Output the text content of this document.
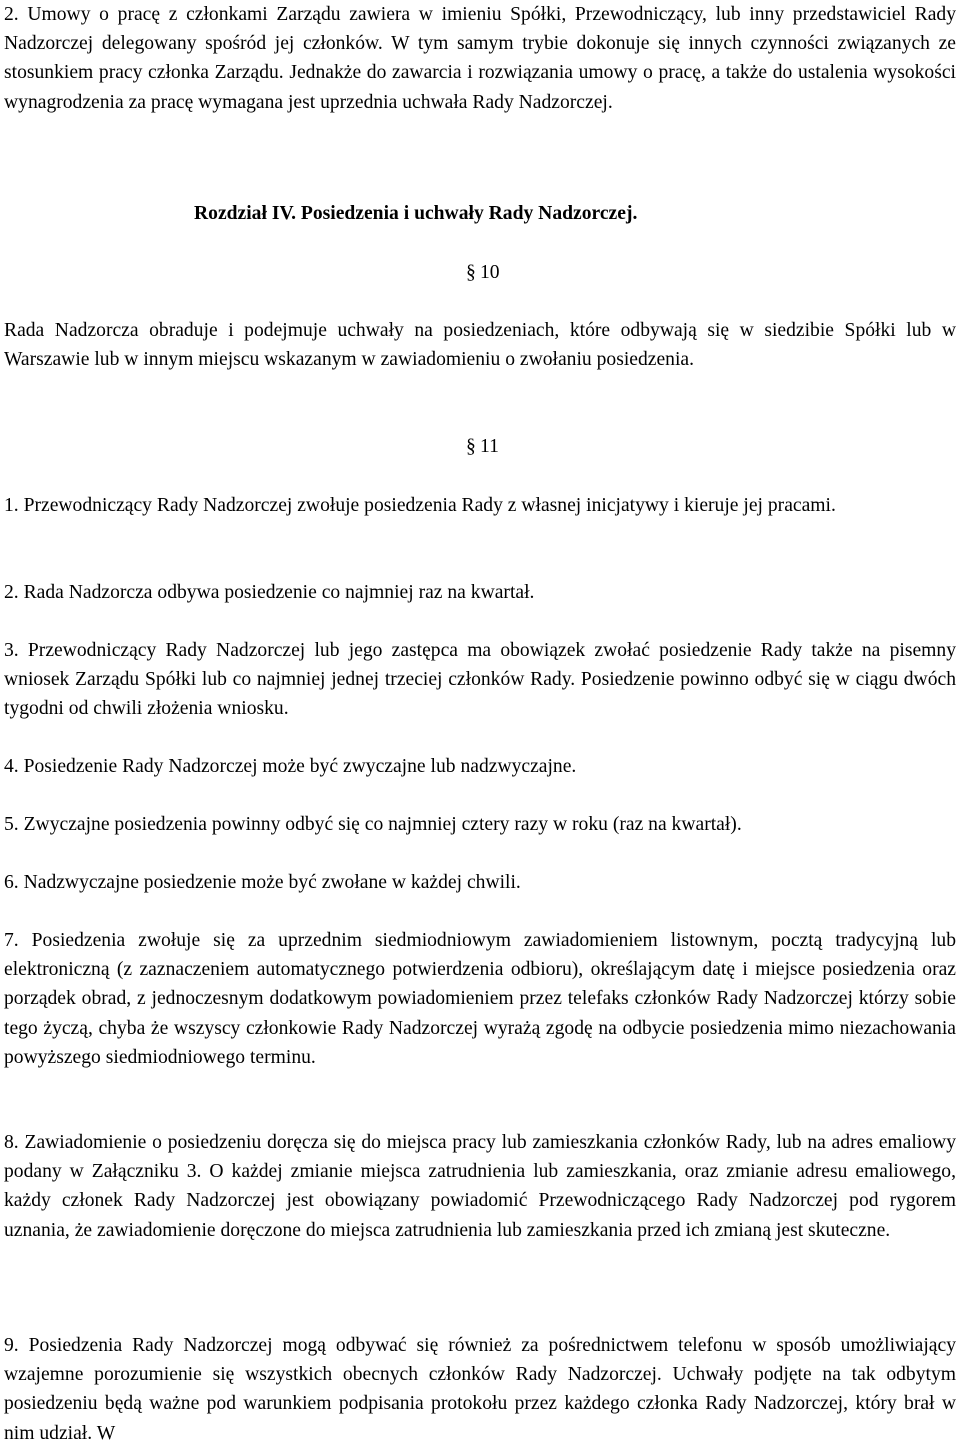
2. Umowy o pracę z członkami Zarządu zawiera w imieniu Spółki, Przewodniczący, lub inny przedstawiciel Rady Nadzorczej delegowany spośród jej członków. W tym samym trybie dokonuje się innych czynności związanych ze stosunkiem pracy członka Zarządu. Jednakże do zawarcia i rozwiązania umowy o pracę, a także do ustalenia wysokości wynagrodzenia za pracę wymagana jest uprzednia uchwała Rady Nadzorczej.

Rozdział IV. Posiedzenia i uchwały Rady Nadzorczej.

§ 10

Rada Nadzorcza obraduje i podejmuje uchwały na posiedzeniach, które odbywają się w siedzibie Spółki lub w Warszawie lub w innym miejscu wskazanym w zawiadomieniu o zwołaniu posiedzenia.

§ 11

1. Przewodniczący Rady Nadzorczej zwołuje posiedzenia Rady z własnej inicjatywy i kieruje jej pracami.

2. Rada Nadzorcza odbywa posiedzenie co najmniej raz na kwartał.

3. Przewodniczący Rady Nadzorczej lub jego zastępca ma obowiązek zwołać posiedzenie Rady także na pisemny wniosek Zarządu Spółki lub co najmniej jednej trzeciej członków Rady. Posiedzenie powinno odbyć się w ciągu dwóch tygodni od chwili złożenia wniosku.

4. Posiedzenie Rady Nadzorczej może być zwyczajne lub nadzwyczajne.

5. Zwyczajne posiedzenia powinny odbyć się co najmniej cztery razy w roku (raz na kwartał).

6. Nadzwyczajne posiedzenie może być zwołane w każdej chwili.

7. Posiedzenia zwołuje się za uprzednim siedmiodniowym zawiadomieniem listownym, pocztą tradycyjną lub elektroniczną (z zaznaczeniem automatycznego potwierdzenia odbioru), określającym datę i miejsce posiedzenia oraz porządek obrad, z jednoczesnym dodatkowym powiadomieniem przez telefaks członków Rady Nadzorczej którzy sobie tego życzą, chyba że wszyscy członkowie Rady Nadzorczej wyrażą zgodę na odbycie posiedzenia mimo niezachowania powyższego siedmiodniowego terminu.

8. Zawiadomienie o posiedzeniu doręcza się do miejsca pracy lub zamieszkania członków Rady, lub na adres emaliowy podany w Załączniku 3. O każdej zmianie miejsca zatrudnienia lub zamieszkania, oraz zmianie adresu emaliowego, każdy członek Rady Nadzorczej jest obowiązany powiadomić Przewodniczącego Rady Nadzorczej pod rygorem uznania, że zawiadomienie doręczone do miejsca zatrudnienia lub zamieszkania przed ich zmianą jest skuteczne.

9. Posiedzenia Rady Nadzorczej mogą odbywać się również za pośrednictwem telefonu w sposób umożliwiający wzajemne porozumienie się wszystkich obecnych członków Rady Nadzorczej. Uchwały podjęte na tak odbytym posiedzeniu będą ważne pod warunkiem podpisania protokołu przez każdego członka Rady Nadzorczej, który brał w nim udział. W
